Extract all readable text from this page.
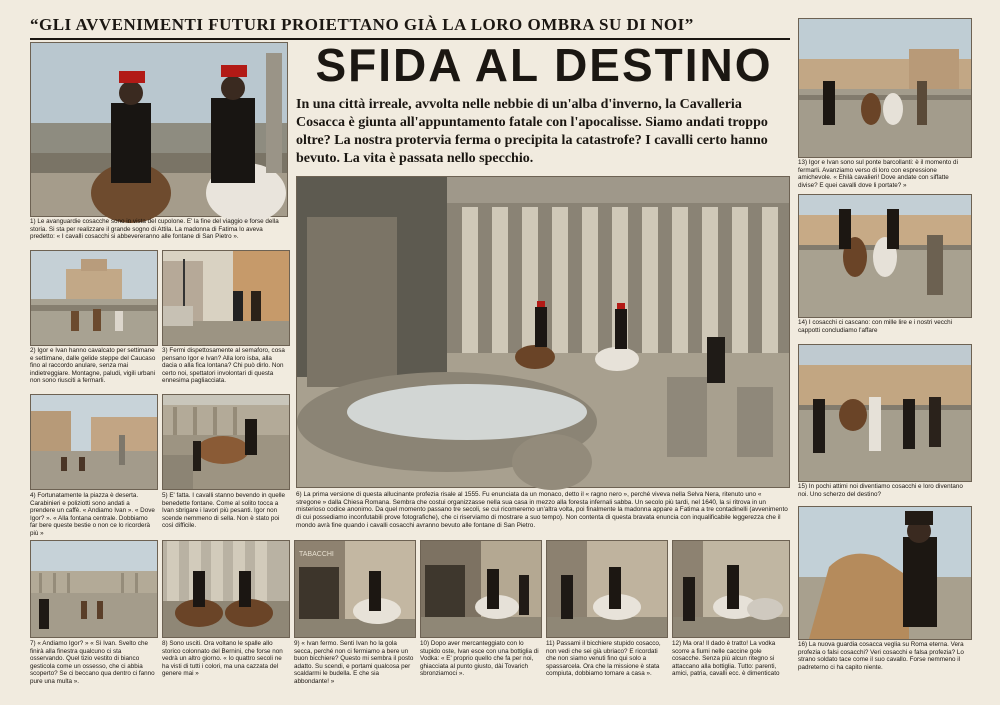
“GLI AVVENIMENTI FUTURI PROIETTANO GIÀ LA LORO OMBRA SU DI NOI”
SFIDA AL DESTINO
In una città irreale, avvolta nelle nebbie di un'alba d'inverno, la Cavalleria Cosacca è giunta all'appuntamento fatale con l'apocalisse. Siamo andati troppo oltre? La nostra protervia ferma o precipita la catastrofe? I cavalli certo hanno bevuto. La vita è passata nello specchio.
1) Le avanguardie cosacche sono in vista del cupolone. E' la fine del viaggio e forse della storia. Si sta per realizzare il grande sogno di Attila. La madonna di Fatima lo aveva predetto: « I cavalli cosacchi si abbevereranno alle fontane di San Pietro ».
2) Igor e Ivan hanno cavalcato per settimane e settimane, dalle gelide steppe del Caucaso fino al raccordo anulare, senza mai indietreggiare. Montagne, paludi, vigili urbani non sono riusciti a fermarli.
3) Fermi dispettosamente al semaforo, cosa pensano Igor e Ivan? Alla loro isba, alla dacia o alla fica lontana? Chi può dirlo. Non certo noi, spettatori involontari di questa ennesima pagliacciata.
4) Fortunatamente la piazza è deserta. Carabinieri e poliziotti sono andati a prendere un caffè. « Andiamo Ivan ». « Dove Igor? ». « Alla fontana centrale. Dobbiamo far bere queste bestie o non ce lo ricorderà più »
5) E' fatta. I cavalli stanno bevendo in quelle benedette fontane. Come al solito tocca a Ivan sbrigare i lavori più pesanti. Igor non scende nemmeno di sella. Non è stato poi così difficile.
6) La prima versione di questa allucinante profezia risale al 1555. Fu enunciata da un monaco, detto il « ragno nero », perché viveva nella Selva Nera, ritenuto uno « stregone » dalla Chiesa Romana. Sembra che costui organizzasse nella sua casa in mezzo alla foresta infernali sabba. Un secolo più tardi, nel 1640, la si ritrova in un misterioso codice anonimo. Da quel momento passano tre secoli, se cui ricomeremo un'altra volta, poi finalmente la madonna appare a Fatima a tre contadinelli (avvenimento di cui possediamo inconfutabili prove fotografiche), che ci riserviamo di mostrare a suo tempo). Non contenta di questa bravata enuncia con inqualificabile leggerezza che il mondo avrà fine quando i cavalli cosacchi avranno bevuto alle fontane di San Pietro.
7) « Andiamo Igor? » « Sì Ivan. Svelto che finirà alla finestra qualcuno ci sta osservando. Quel tizio vestito di bianco gesticola come un ossesso, che ci abbia scoperto? Se ci beccano qua dentro ci fanno pure una multa ».
8) Sono usciti. Ora voltano le spalle allo storico colonnato del Bernini, che forse non vedrà un altro giorno. « Io quattro secoli ne ha visti di tutti i colori, ma una cazzata del genere mai »
TABACCHI
9) « Ivan fermo. Senti Ivan ho la gola secca, perché non ci fermiamo a bere un buon bicchiere? Questo mi sembra il posto adatto. Su scendi, e portami qualcosa per scaldarmi le budella. E che sia abbondante! »
10) Dopo aver mercanteggiato con lo stupido oste, Ivan esce con una bottiglia di Vodka: « E' proprio quello che fa per noi, ghiacciata al punto giusto, dài Tovarich sbronziamoci ».
11) Passami il bicchiere stupido cosacco, non vedi che sei già ubriaco? E ricordati che non siamo venuti fino qui solo a spassarcela. Ora che la missione è stata compiuta, dobbiamo tornare a casa ».
12) Ma ora! Il dado è tratto! La vodka scorre a fiumi nelle caccine gole cosacche. Senza più alcun ritegno si attaccano alla bottiglia. Tutto: parenti, amici, patria, cavalli ecc. è dimenticato
13) Igor e Ivan sono sul ponte barcollanti: è il momento di fermarli. Avanziamo verso di loro con espressione amichevole. « Ehilà cavalieri! Dove andate con siffatte divise? E quei cavalli dove li portate? »
14) I cosacchi ci cascano: con mille lire e i nostri vecchi cappotti concludiamo l'affare
15) In pochi attimi noi diventiamo cosacchi e loro diventano noi. Uno scherzo del destino?
16) La nuova guardia cosacca veglia su Roma eterna. Vera profezia o falsi cosacchi? Veri cosacchi e falsa profezia? Lo strano soldato tace come il suo cavallo. Forse nemmeno il padreterno ci ha capito niente.
